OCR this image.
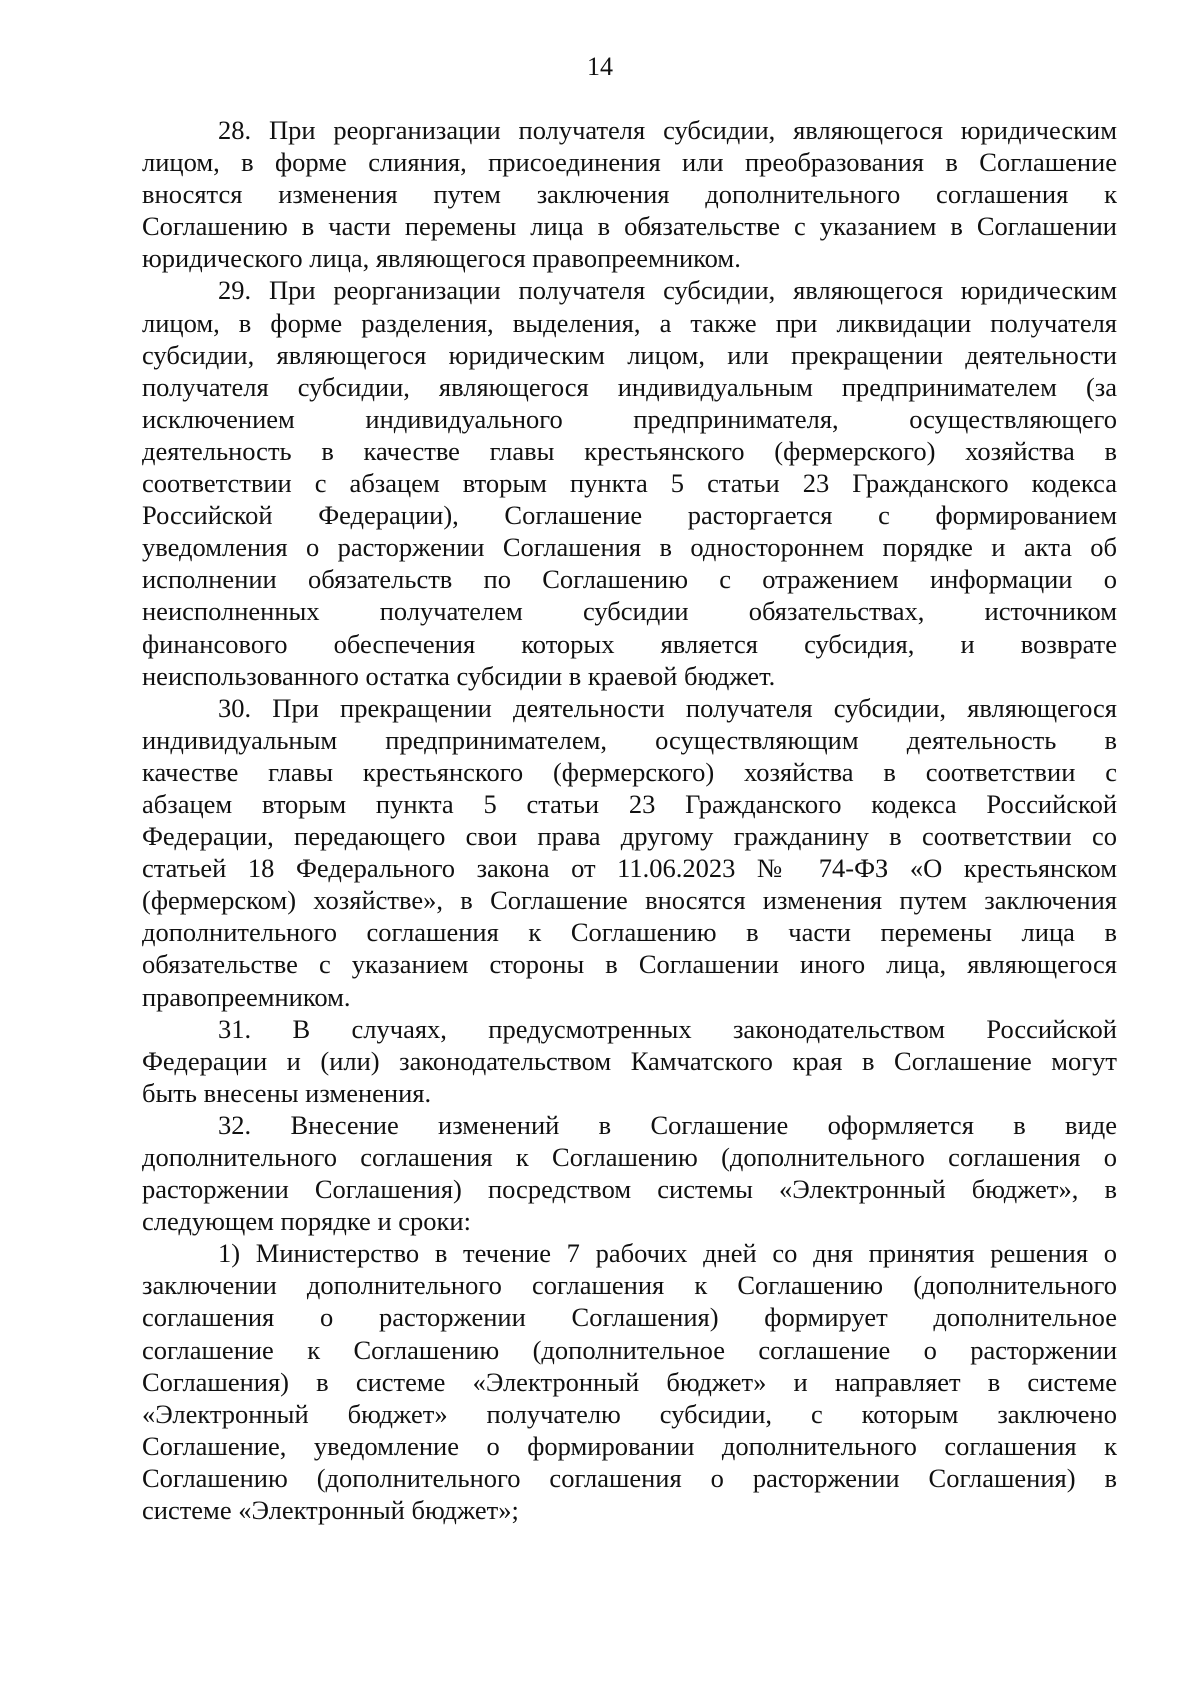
14
28. При реорганизации получателя субсидии, являющегося юридическим
лицом, в форме слияния, присоединения или преобразования в Соглашение
вносятся изменения путем заключения дополнительного соглашения к
Соглашению в части перемены лица в обязательстве с указанием в Соглашении
юридического лица, являющегося правопреемником.
29. При реорганизации получателя субсидии, являющегося юридическим
лицом, в форме разделения, выделения, а также при ликвидации получателя
субсидии, являющегося юридическим лицом, или прекращении деятельности
получателя субсидии, являющегося индивидуальным предпринимателем (за
исключением индивидуального предпринимателя, осуществляющего
деятельность в качестве главы крестьянского (фермерского) хозяйства в
соответствии с абзацем вторым пункта 5 статьи 23 Гражданского кодекса
Российской Федерации), Соглашение расторгается с формированием
уведомления о расторжении Соглашения в одностороннем порядке и акта об
исполнении обязательств по Соглашению с отражением информации о
неисполненных получателем субсидии обязательствах, источником
финансового обеспечения которых является субсидия, и возврате
неиспользованного остатка субсидии в краевой бюджет.
30. При прекращении деятельности получателя субсидии, являющегося
индивидуальным предпринимателем, осуществляющим деятельность в
качестве главы крестьянского (фермерского) хозяйства в соответствии с
абзацем вторым пункта 5 статьи 23 Гражданского кодекса Российской
Федерации, передающего свои права другому гражданину в соответствии со
статьей 18 Федерального закона от 11.06.2023 № 74-ФЗ «О крестьянском
(фермерском) хозяйстве», в Соглашение вносятся изменения путем заключения
дополнительного соглашения к Соглашению в части перемены лица в
обязательстве с указанием стороны в Соглашении иного лица, являющегося
правопреемником.
31. В случаях, предусмотренных законодательством Российской
Федерации и (или) законодательством Камчатского края в Соглашение могут
быть внесены изменения.
32. Внесение изменений в Соглашение оформляется в виде
дополнительного соглашения к Соглашению (дополнительного соглашения о
расторжении Соглашения) посредством системы «Электронный бюджет», в
следующем порядке и сроки:
1) Министерство в течение 7 рабочих дней со дня принятия решения о
заключении дополнительного соглашения к Соглашению (дополнительного
соглашения о расторжении Соглашения) формирует дополнительное
соглашение к Соглашению (дополнительное соглашение о расторжении
Соглашения) в системе «Электронный бюджет» и направляет в системе
«Электронный бюджет» получателю субсидии, с которым заключено
Соглашение, уведомление о формировании дополнительного соглашения к
Соглашению (дополнительного соглашения о расторжении Соглашения) в
системе «Электронный бюджет»;
